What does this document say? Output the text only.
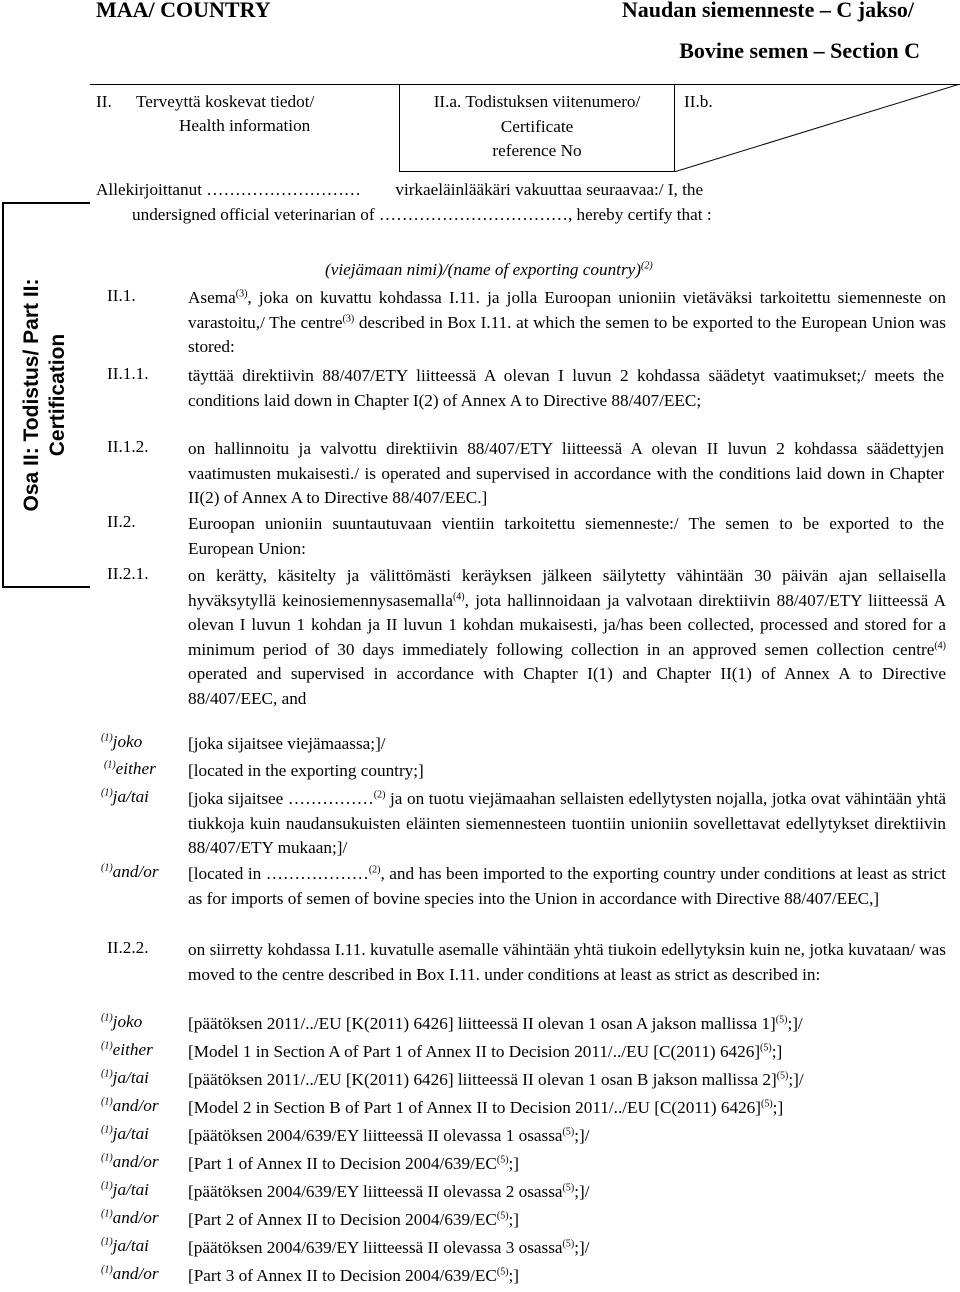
MAA/ COUNTRY	Naudan siemenneste – C jakso/
Bovine semen – Section C
II. Terveyttä koskevat tiedot/
Health information
II.a. Todistuksen viitenumero/
Certificate
reference No
II.b.
Allekirjoittanut ……………………… virkaeläinlääkäri vakuuttaa seuraavaa:/ I, the
undersigned official veterinarian of ……………………………, hereby certify that :
Osa II: Todistus/ Part II: Certification
(viejämaan nimi)/(name of exporting country)$^{(2)}$
II.1.	Asema$^{(3)}$, joka on kuvattu kohdassa I.11. ja jolla Euroopan unioniin vietäväksi tarkoitettu siemenneste on varastoitu,/ The centre$^{(3)}$ described in Box I.11. at which the semen to be exported to the European Union was stored:
II.1.1. täyttää direktiivin 88/407/ETY liitteessä A olevan I luvun 2 kohdassa säädetyt vaatimukset;/ meets the conditions laid down in Chapter I(2) of Annex A to Directive 88/407/EEC;
II.1.2. on hallinnoitu ja valvottu direktiivin 88/407/ETY liitteessä A olevan II luvun 2 kohdassa säädettyjen vaatimusten mukaisesti./ is operated and supervised in accordance with the conditions laid down in Chapter II(2) of Annex A to Directive 88/407/EEC.]
II.2.	Euroopan unioniin suuntautuvaan vientiin tarkoitettu siemenneste:/ The semen to be exported to the European Union:
II.2.1. on kerätty, käsitelty ja välittömästi keräyksen jälkeen säilytetty vähintään 30 päivän ajan sellaisella hyväksytyllä keinosiemennysasemalla$^{(4)}$, jota hallinnoidaan ja valvotaan direktiivin 88/407/ETY liitteessä A olevan I luvun 1 kohdan ja II luvun 1 kohdan mukaisesti, ja/has been collected, processed and stored for a minimum period of 30 days immediately following collection in an approved semen collection centre$^{(4)}$ operated and supervised in accordance with Chapter I(1) and Chapter II(1) of Annex A to Directive 88/407/EEC, and
$^{(1)}$joko	[joka sijaitsee viejämaassa;]/
$^{(1)}$either [located in the exporting country;]
$^{(1)}$ja/tai [joka sijaitsee ……………$^{(2)}$ ja on tuotu viejämaahan sellaisten edellytysten nojalla, jotka ovat vähintään yhtä tiukkoja kuin naudansukuisten eläinten siemennesteen tuontiin unioniin sovellettavat edellytykset direktiivin 88/407/ETY mukaan;]/
$^{(1)}$and/or [located in ………………$^{(2)}$, and has been imported to the exporting country under conditions at least as strict as for imports of semen of bovine species into the Union in accordance with Directive 88/407/EEC,]
II.2.2. on siirretty kohdassa I.11. kuvatulle asemalle vähintään yhtä tiukoin edellytyksin kuin ne, jotka kuvataan/ was moved to the centre described in Box I.11. under conditions at least as strict as described in:
$^{(1)}$joko	[päätöksen 2011/../EU [K(2011) 6426] liitteessä II olevan 1 osan A jakson mallissa 1]$^{(5)}$;]/
$^{(1)}$either [Model 1 in Section A of Part 1 of Annex II to Decision 2011/../EU [C(2011) 6426]$^{(5)}$;]
$^{(1)}$ja/tai [päätöksen 2011/../EU [K(2011) 6426] liitteessä II olevan 1 osan B jakson mallissa 2]$^{(5)}$;]/
$^{(1)}$and/or [Model 2 in Section B of Part 1 of Annex II to Decision 2011/../EU [C(2011) 6426]$^{(5)}$;]
$^{(1)}$ja/tai [päätöksen 2004/639/EY liitteessä II olevassa 1 osassa$^{(5)}$;]/
$^{(1)}$and/or [Part 1 of Annex II to Decision 2004/639/EC$^{(5)}$;]
$^{(1)}$ja/tai [päätöksen 2004/639/EY liitteessä II olevassa 2 osassa$^{(5)}$;]/
$^{(1)}$and/or [Part 2 of Annex II to Decision 2004/639/EC$^{(5)}$;]
$^{(1)}$ja/tai [päätöksen 2004/639/EY liitteessä II olevassa 3 osassa$^{(5)}$;]/
$^{(1)}$and/or [Part 3 of Annex II to Decision 2004/639/EC$^{(5)}$;]
